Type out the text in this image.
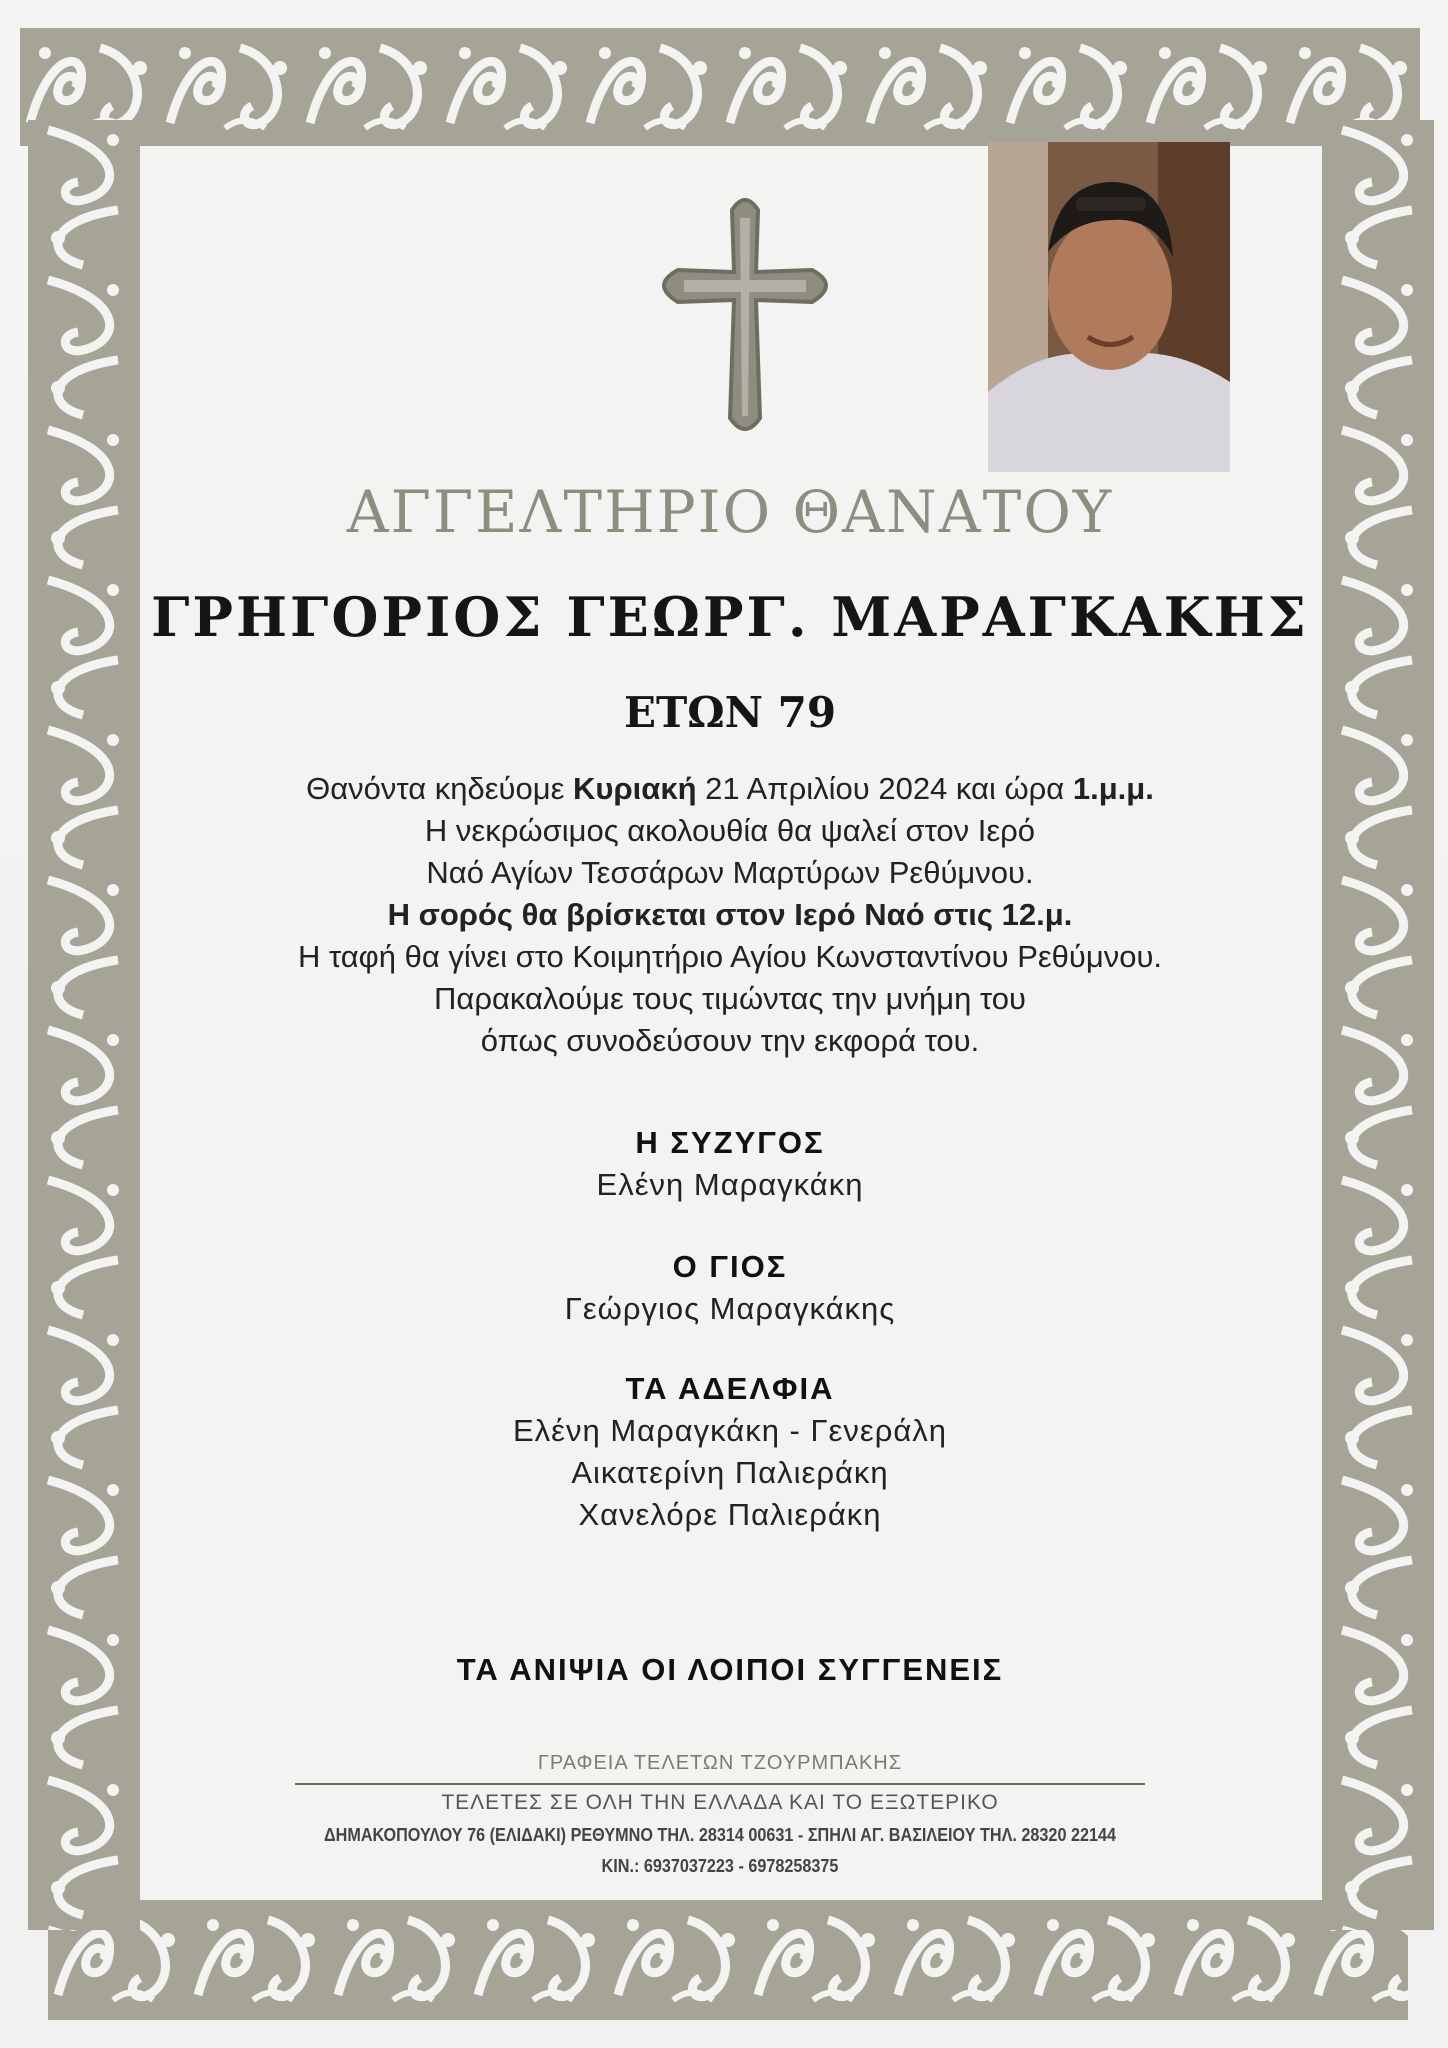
ΑΓΓΕΛΤΗΡΙΟ ΘΑΝΑΤΟΥ
ΓΡΗΓΟΡΙΟΣ ΓΕΩΡΓ. ΜΑΡΑΓΚΑΚΗΣ
ΕΤΩΝ 79
Θανόντα κηδεύομε Κυριακή 21 Απριλίου 2024 και ώρα 1.μ.μ.
Η νεκρώσιμος ακολουθία θα ψαλεί στον Ιερό
Ναό Αγίων Τεσσάρων Μαρτύρων Ρεθύμνου.
Η σορός θα βρίσκεται στον Ιερό Ναό στις 12.μ.
Η ταφή θα γίνει στο Κοιμητήριο Αγίου Κωνσταντίνου Ρεθύμνου.
Παρακαλούμε τους τιμώντας την μνήμη του
όπως συνοδεύσουν την εκφορά του.
Η ΣΥΖΥΓΟΣ
Ελένη Μαραγκάκη
Ο ΓΙΟΣ
Γεώργιος Μαραγκάκης
ΤΑ ΑΔΕΛΦΙΑ
Ελένη Μαραγκάκη - Γενεράλη
Αικατερίνη Παλιεράκη
Χανελόρε Παλιεράκη
ΤΑ ΑΝΙΨΙΑ ΟΙ ΛΟΙΠΟΙ ΣΥΓΓΕΝΕΙΣ
ΓΡΑΦΕΙΑ ΤΕΛΕΤΩΝ ΤΖΟΥΡΜΠΑΚΗΣ
ΤΕΛΕΤΕΣ ΣΕ ΟΛΗ ΤΗΝ ΕΛΛΑΔΑ ΚΑΙ ΤΟ ΕΞΩΤΕΡΙΚΟ
ΔΗΜΑΚΟΠΟΥΛΟΥ 76 (ΕΛΙΔΑΚΙ) ΡΕΘΥΜΝΟ ΤΗΛ. 28314 00631 - ΣΠΗΛΙ ΑΓ. ΒΑΣΙΛΕΙΟΥ ΤΗΛ. 28320 22144
ΚΙΝ.: 6937037223 - 6978258375
